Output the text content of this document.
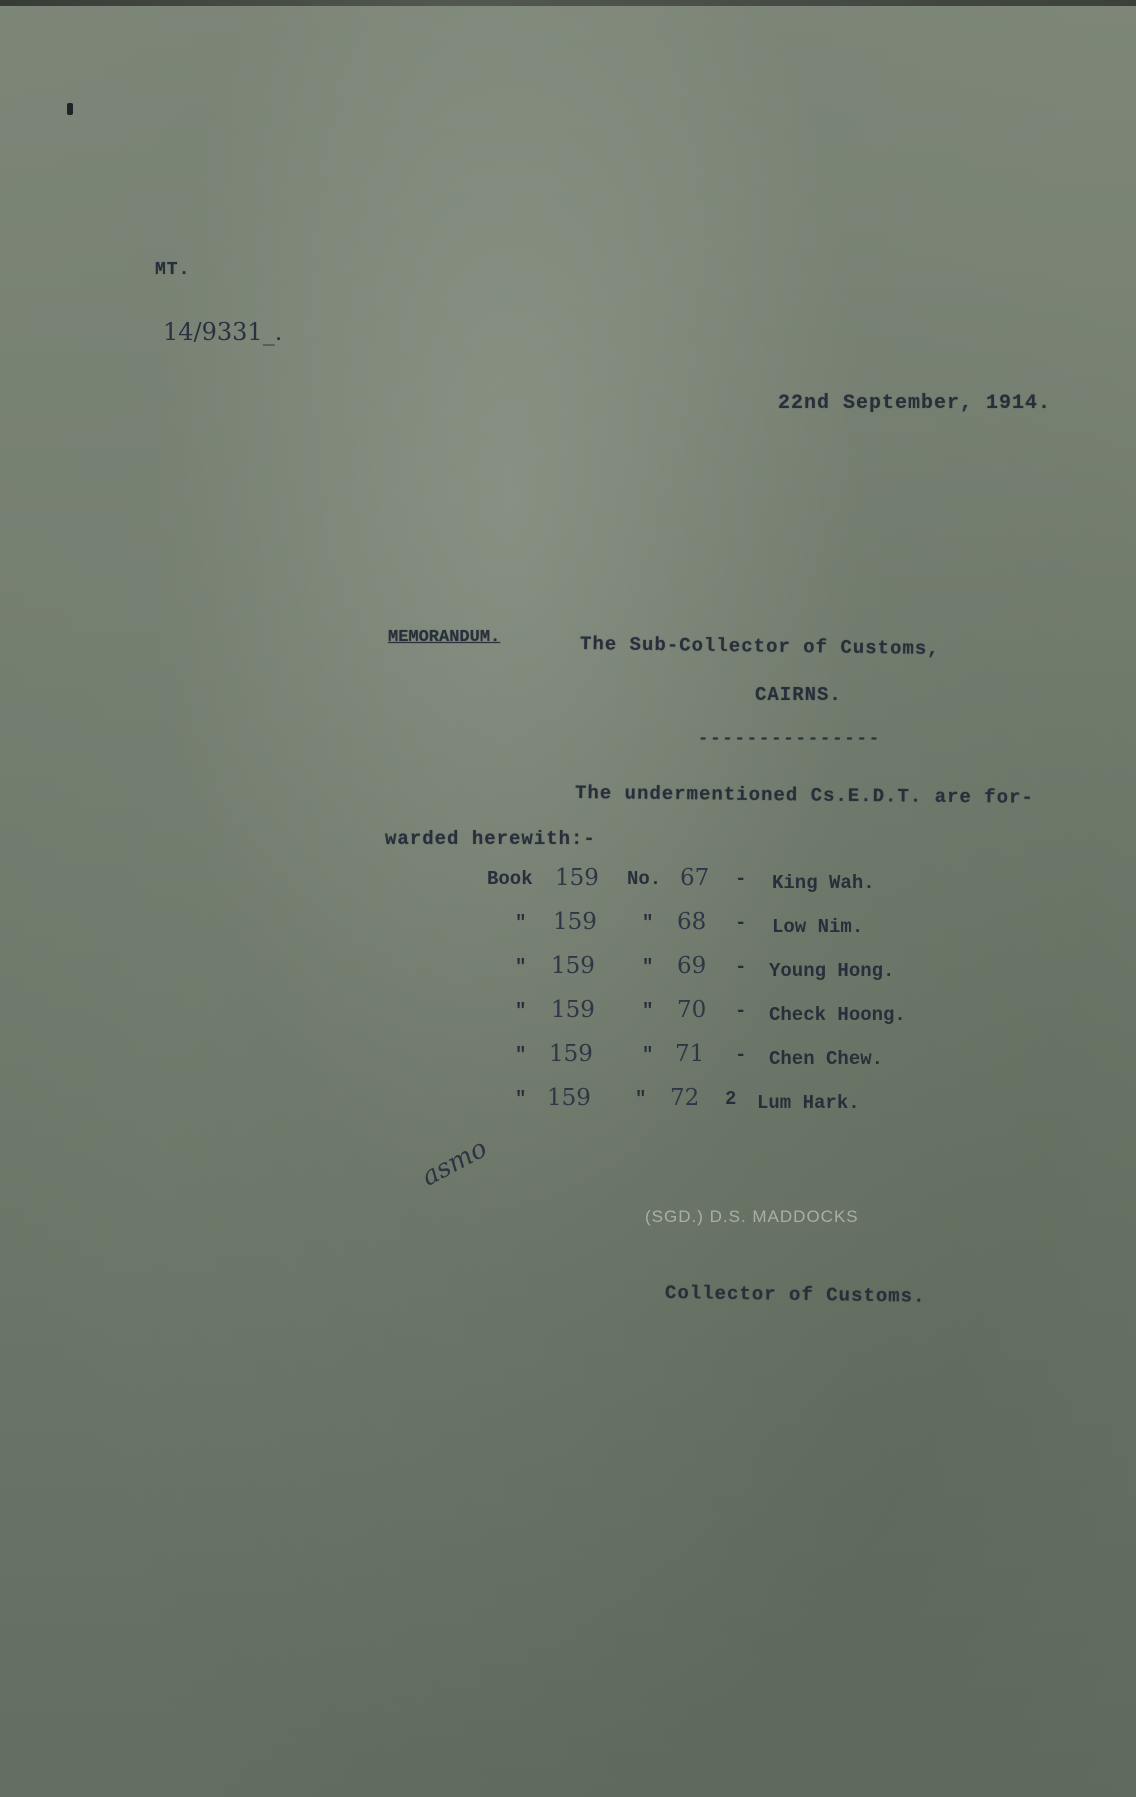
MT.
14/9331_.
22nd September, 1914.
MEMORANDUM.	The Sub-Collector of Customs,
CAIRNS.
---------------
The undermentioned Cs.E.D.T. are for-
warded herewith:-
Book 159 No. 67 - King Wah.
" 159 " 68 - Low Nim.
" 159 " 69 - Young Hong.
" 159 " 70 - Check Hoong.
" 159	" 71 - Chen Chew.
" 159 " 72 2 Lum Hark.
asmo
(SGD.) D.S. MADDOCKS
Collector of Customs.
